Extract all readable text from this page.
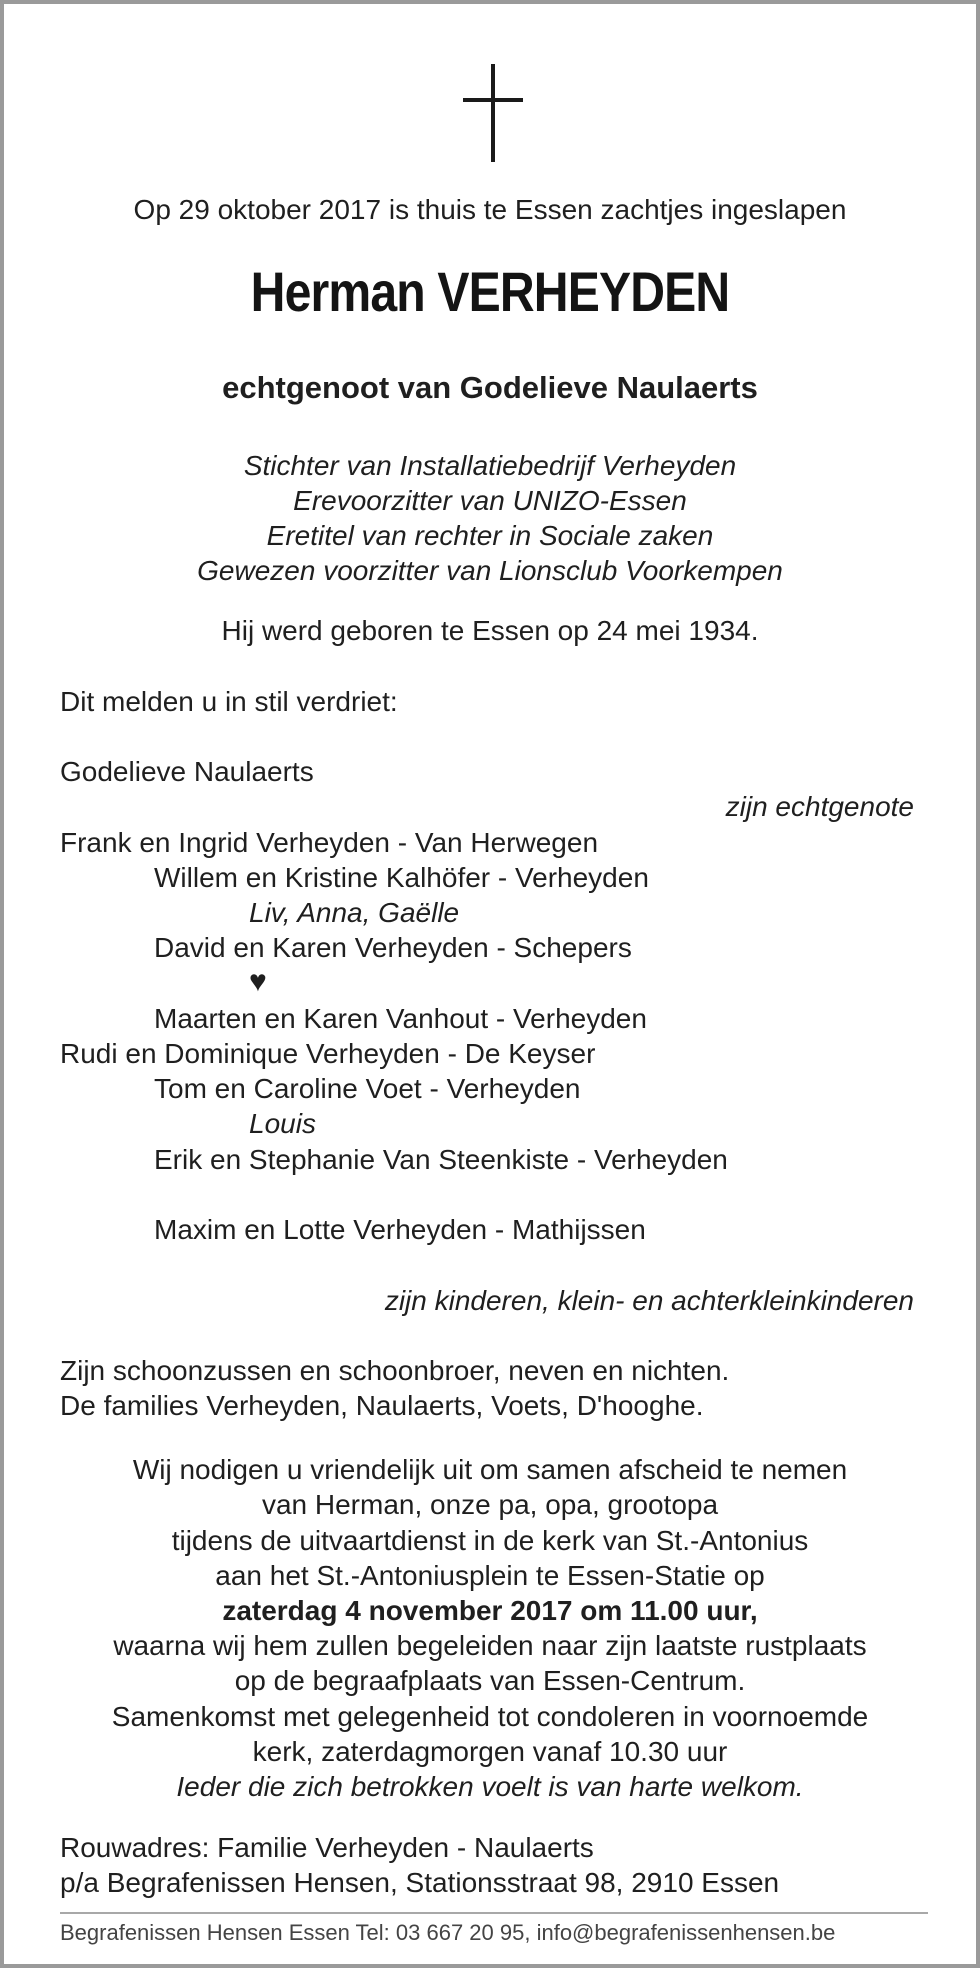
Op 29 oktober 2017 is thuis te Essen zachtjes ingeslapen
Herman VERHEYDEN
echtgenoot van Godelieve Naulaerts
Stichter van Installatiebedrijf Verheyden
Erevoorzitter van UNIZO-Essen
Eretitel van rechter in Sociale zaken
Gewezen voorzitter van Lionsclub Voorkempen
Hij werd geboren te Essen op 24 mei 1934.
Dit melden u in stil verdriet:
Godelieve Naulaerts
zijn echtgenote
Frank en Ingrid Verheyden - Van Herwegen
Willem en Kristine Kalhöfer - Verheyden
Liv, Anna, Gaëlle
David en Karen Verheyden - Schepers
♥
Maarten en Karen Vanhout - Verheyden
Rudi en Dominique Verheyden - De Keyser
Tom en Caroline Voet - Verheyden
Louis
Erik en Stephanie Van Steenkiste - Verheyden
Maxim en Lotte Verheyden - Mathijssen
zijn kinderen, klein- en achterkleinkinderen
Zijn schoonzussen en schoonbroer, neven en nichten.
De families Verheyden, Naulaerts, Voets, D'hooghe.
Wij nodigen u vriendelijk uit om samen afscheid te nemen
van Herman, onze pa, opa, grootopa
tijdens de uitvaartdienst in de kerk van St.-Antonius
aan het St.-Antoniusplein te Essen-Statie op
zaterdag 4 november 2017 om 11.00 uur,
waarna wij hem zullen begeleiden naar zijn laatste rustplaats
op de begraafplaats van Essen-Centrum.
Samenkomst met gelegenheid tot condoleren in voornoemde
kerk, zaterdagmorgen vanaf 10.30 uur
Ieder die zich betrokken voelt is van harte welkom.
Rouwadres: Familie Verheyden - Naulaerts
p/a Begrafenissen Hensen, Stationsstraat 98, 2910 Essen
Begrafenissen Hensen Essen Tel: 03 667 20 95, info@begrafenissenhensen.be
